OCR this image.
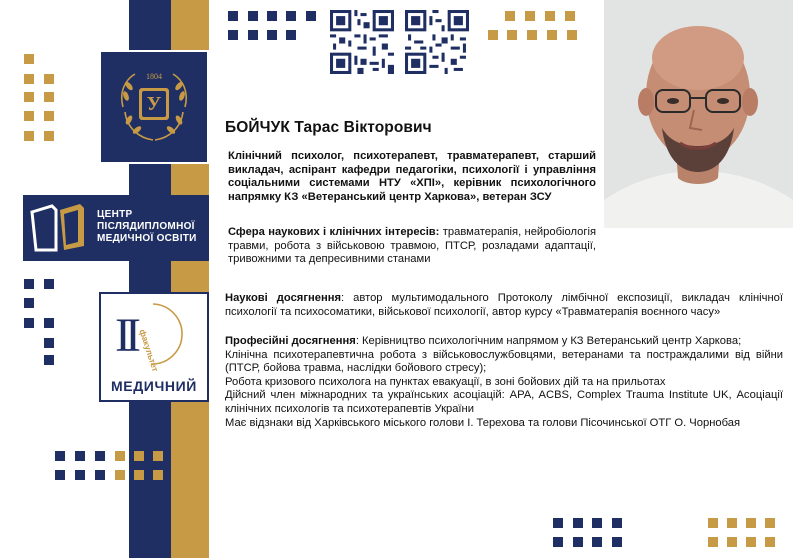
1804
У
ЦЕНТР
ПІСЛЯДИПЛОМНОЇ
МЕДИЧНОЇ ОСВІТИ
II факультет
МЕДИЧНИЙ
БОЙЧУК Тарас Вікторович
Клінічний психолог, психотерапевт, травматерапевт, старший викладач, аспірант кафедри педагогіки, психології і управління соціальними системами НТУ «ХПІ», керівник психологічного напрямку КЗ «Ветеранський центр Харкова», ветеран ЗСУ
Сфера наукових і клінічних інтересів: травматерапія, нейробіологія травми, робота з військовою травмою, ПТСР, розладами адаптації, тривожними та депресивними станами
Наукові досягнення: автор мультимодального Протоколу лімбічної експозиції, викладач клінічної психології та психосоматики, військової психології, автор курсу «Травматерапія воєнного часу»
Професійні досягнення: Керівництво психологічним напрямом у КЗ Ветеранський центр Харкова;
Клінічна психотерапевтична робота з військовослужбовцями, ветеранами та постраждалими від війни (ПТСР, бойова травма, наслідки бойового стресу);
Робота кризового психолога на пунктах евакуації, в зоні бойових дій та на прильотах
Дійсний член міжнародних та українських асоціацій: APA, ACBS, Complex Trauma Institute UK, Асоціації клінічних психологів та психотерапевтів України
Має відзнаки від Харківського міського голови І. Терехова та голови Пісочинської ОТГ О. Чорнобая
